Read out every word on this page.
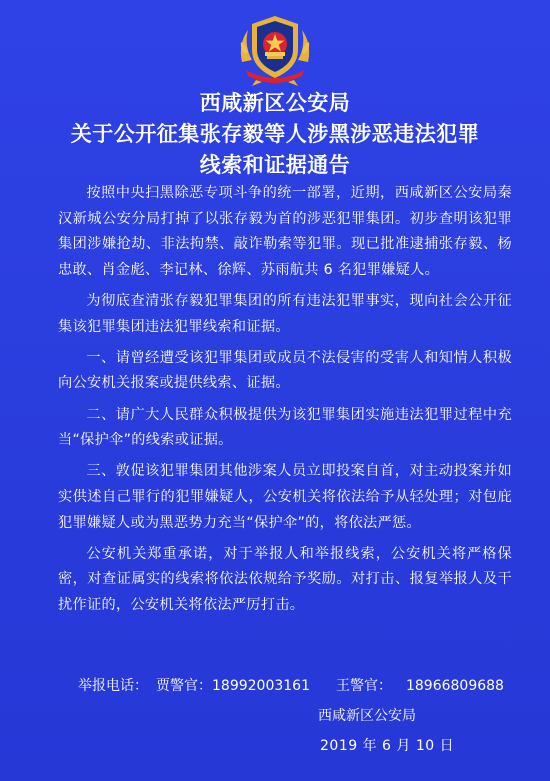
西咸新区公安局
关于公开征集张存毅等人涉黑涉恶违法犯罪
线索和证据通告

按照中央扫黑除恶专项斗争的统一部署，近期，西咸新区公安局秦汉新城公安分局打掉了以张存毅为首的涉恶犯罪集团。初步查明该犯罪集团涉嫌抢劫、非法拘禁、敲诈勒索等犯罪。现已批准逮捕张存毅、杨忠敢、肖金彪、李记林、徐辉、苏雨航共 6 名犯罪嫌疑人。

为彻底查清张存毅犯罪集团的所有违法犯罪事实，现向社会公开征集该犯罪集团违法犯罪线索和证据。

一、请曾经遭受该犯罪集团或成员不法侵害的受害人和知情人积极向公安机关报案或提供线索、证据。

二、请广大人民群众积极提供为该犯罪集团实施违法犯罪过程中充当“保护伞”的线索或证据。

三、敦促该犯罪集团其他涉案人员立即投案自首，对主动投案并如实供述自己罪行的犯罪嫌疑人，公安机关将依法给予从轻处理；对包庇犯罪嫌疑人或为黑恶势力充当“保护伞”的，将依法严惩。

公安机关郑重承诺，对于举报人和举报线索，公安机关将严格保密，对查证属实的线索将依法依规给予奖励。对打击、报复举报人及干扰作证的，公安机关将依法严厉打击。

举报电话： 贾警官：18992003161 王警官： 18966809688
西咸新区公安局
2019 年 6 月 10 日
